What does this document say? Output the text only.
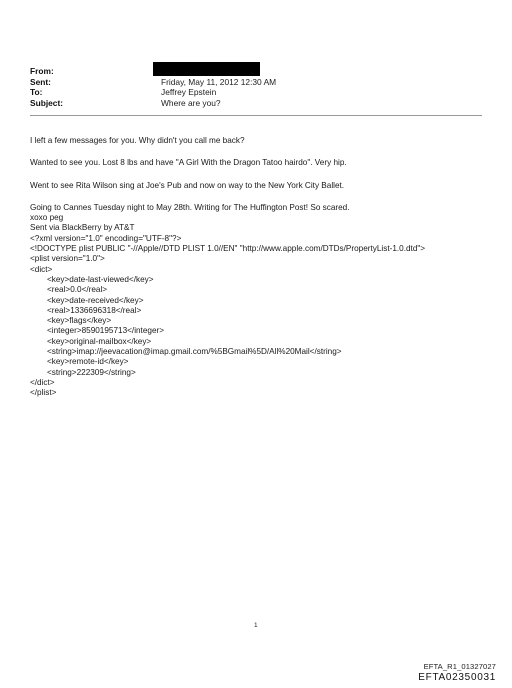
From:
Sent:	Friday, May 11, 2012 12:30 AM
To:	Jeffrey Epstein
Subject:	Where are you?
I left a few messages for you. Why didn't you call me back?
Wanted to see you. Lost 8 lbs and have "A Girl With the Dragon Tatoo hairdo". Very hip.
Went to see Rita Wilson sing at Joe's Pub and now on way to the New York City Ballet.
Going to Cannes Tuesday night to May 28th. Writing for The Huffington Post! So scared.
xoxo peg
Sent via BlackBerry by AT&T
<?xml version="1.0" encoding="UTF-8"?>
<!DOCTYPE plist PUBLIC "-//Apple//DTD PLIST 1.0//EN" "http://www.apple.com/DTDs/PropertyList-1.0.dtd">
<plist version="1.0">
<dict>
<key>date-last-viewed</key>
<real>0.0</real>
<key>date-received</key>
<real>1336696318</real>
<key>flags</key>
<integer>8590195713</integer>
<key>original-mailbox</key>
<string>imap://jeevacation@imap.gmail.com/%5BGmail%5D/All%20Mail</string>
<key>remote-id</key>
<string>222309</string>
</dict>
</plist>
1
EFTA_R1_01327027
EFTA02350031
